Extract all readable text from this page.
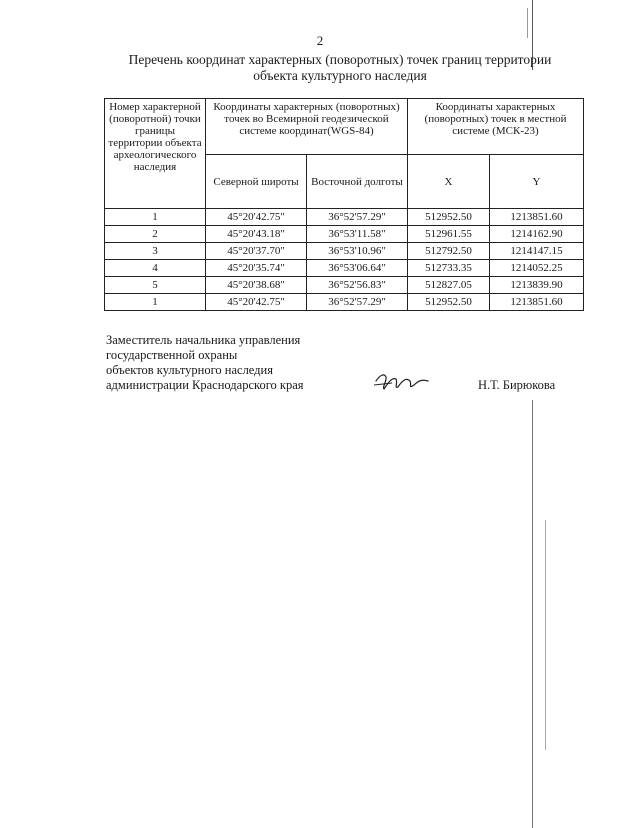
2
Перечень координат характерных (поворотных) точек границ территории
объекта культурного наследия
Номер характерной (поворотной) точки границы территории объекта археологического наследия	Координаты характерных (поворотных) точек во Всемирной геодезической системе координат(WGS-84)		Координаты характерных (поворотных) точек в местной системе (МСК-23)	
	Северной широты	Восточной долготы	X	Y
1	45°20'42.75"	36°52'57.29"	512952.50	1213851.60
2	45°20'43.18"	36°53'11.58"	512961.55	1214162.90
3	45°20'37.70"	36°53'10.96"	512792.50	1214147.15
4	45°20'35.74"	36°53'06.64"	512733.35	1214052.25
5	45°20'38.68"	36°52'56.83"	512827.05	1213839.90
1	45°20'42.75"	36°52'57.29"	512952.50	1213851.60
Заместитель начальника управления
государственной охраны
объектов культурного наследия
администрации Краснодарского края	Н.Т. Бирюкова
